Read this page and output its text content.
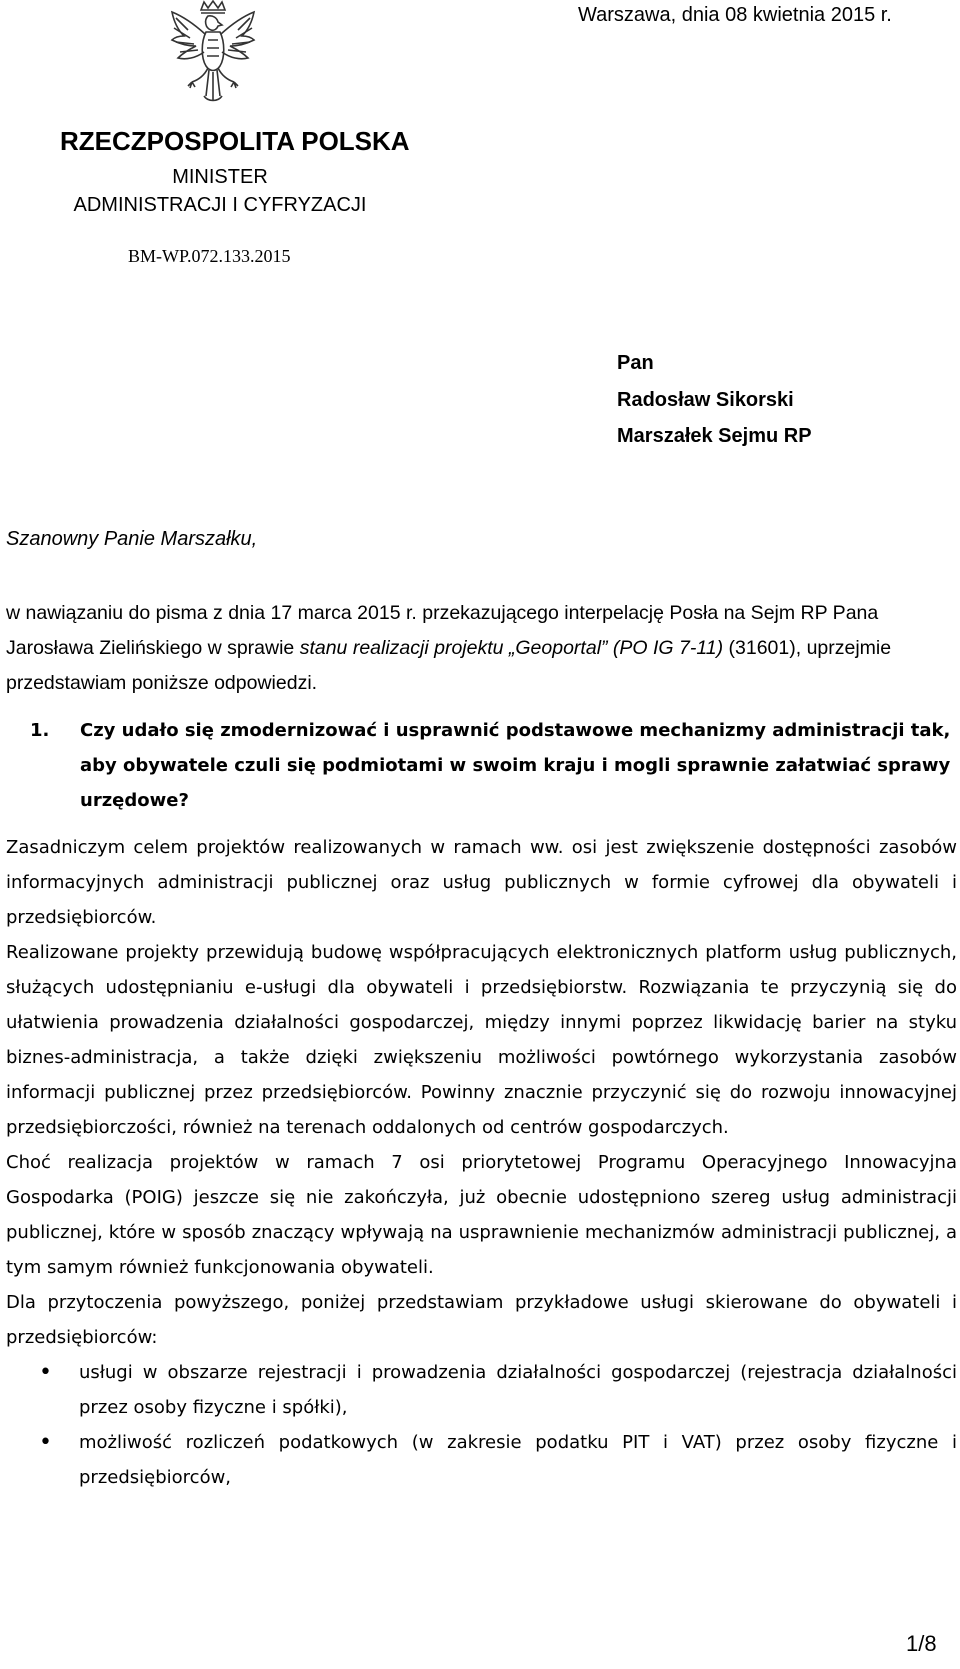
Warszawa, dnia 08 kwietnia 2015 r.
RZECZPOSPOLITA POLSKA
MINISTER
ADMINISTRACJI I CYFRYZACJI
BM-WP.072.133.2015
Pan
Radosław Sikorski
Marszałek Sejmu RP
Szanowny Panie Marszałku,

w nawiązaniu do pisma z dnia 17 marca 2015 r. przekazującego interpelację Posła na Sejm RP Pana Jarosława Zielińskiego w sprawie stanu realizacji projektu „Geoportal” (PO IG 7-11) (31601), uprzejmie przedstawiam poniższe odpowiedzi.

1. Czy udało się zmodernizować i usprawnić podstawowe mechanizmy administracji tak, aby obywatele czuli się podmiotami w swoim kraju i mogli sprawnie załatwiać sprawy urzędowe?

Zasadniczym celem projektów realizowanych w ramach ww. osi jest zwiększenie dostępności zasobów informacyjnych administracji publicznej oraz usług publicznych w formie cyfrowej dla obywateli i przedsiębiorców.

Realizowane projekty przewidują budowę współpracujących elektronicznych platform usług publicznych, służących udostępnianiu e-usługi dla obywateli i przedsiębiorstw. Rozwiązania te przyczynią się do ułatwienia prowadzenia działalności gospodarczej, między innymi poprzez likwidację barier na styku biznes-administracja, a także dzięki zwiększeniu możliwości powtórnego wykorzystania zasobów informacji publicznej przez przedsiębiorców. Powinny znacznie przyczynić się do rozwoju innowacyjnej przedsiębiorczości, również na terenach oddalonych od centrów gospodarczych.

Choć realizacja projektów w ramach 7 osi priorytetowej Programu Operacyjnego Innowacyjna Gospodarka (POIG) jeszcze się nie zakończyła, już obecnie udostępniono szereg usług administracji publicznej, które w sposób znaczący wpływają na usprawnienie mechanizmów administracji publicznej, a tym samym również funkcjonowania obywateli.

Dla przytoczenia powyższego, poniżej przedstawiam przykładowe usługi skierowane do obywateli i przedsiębiorców:

• usługi w obszarze rejestracji i prowadzenia działalności gospodarczej (rejestracja działalności przez osoby fizyczne i spółki),
• możliwość rozliczeń podatkowych (w zakresie podatku PIT i VAT) przez osoby fizyczne i przedsiębiorców,
1/8
